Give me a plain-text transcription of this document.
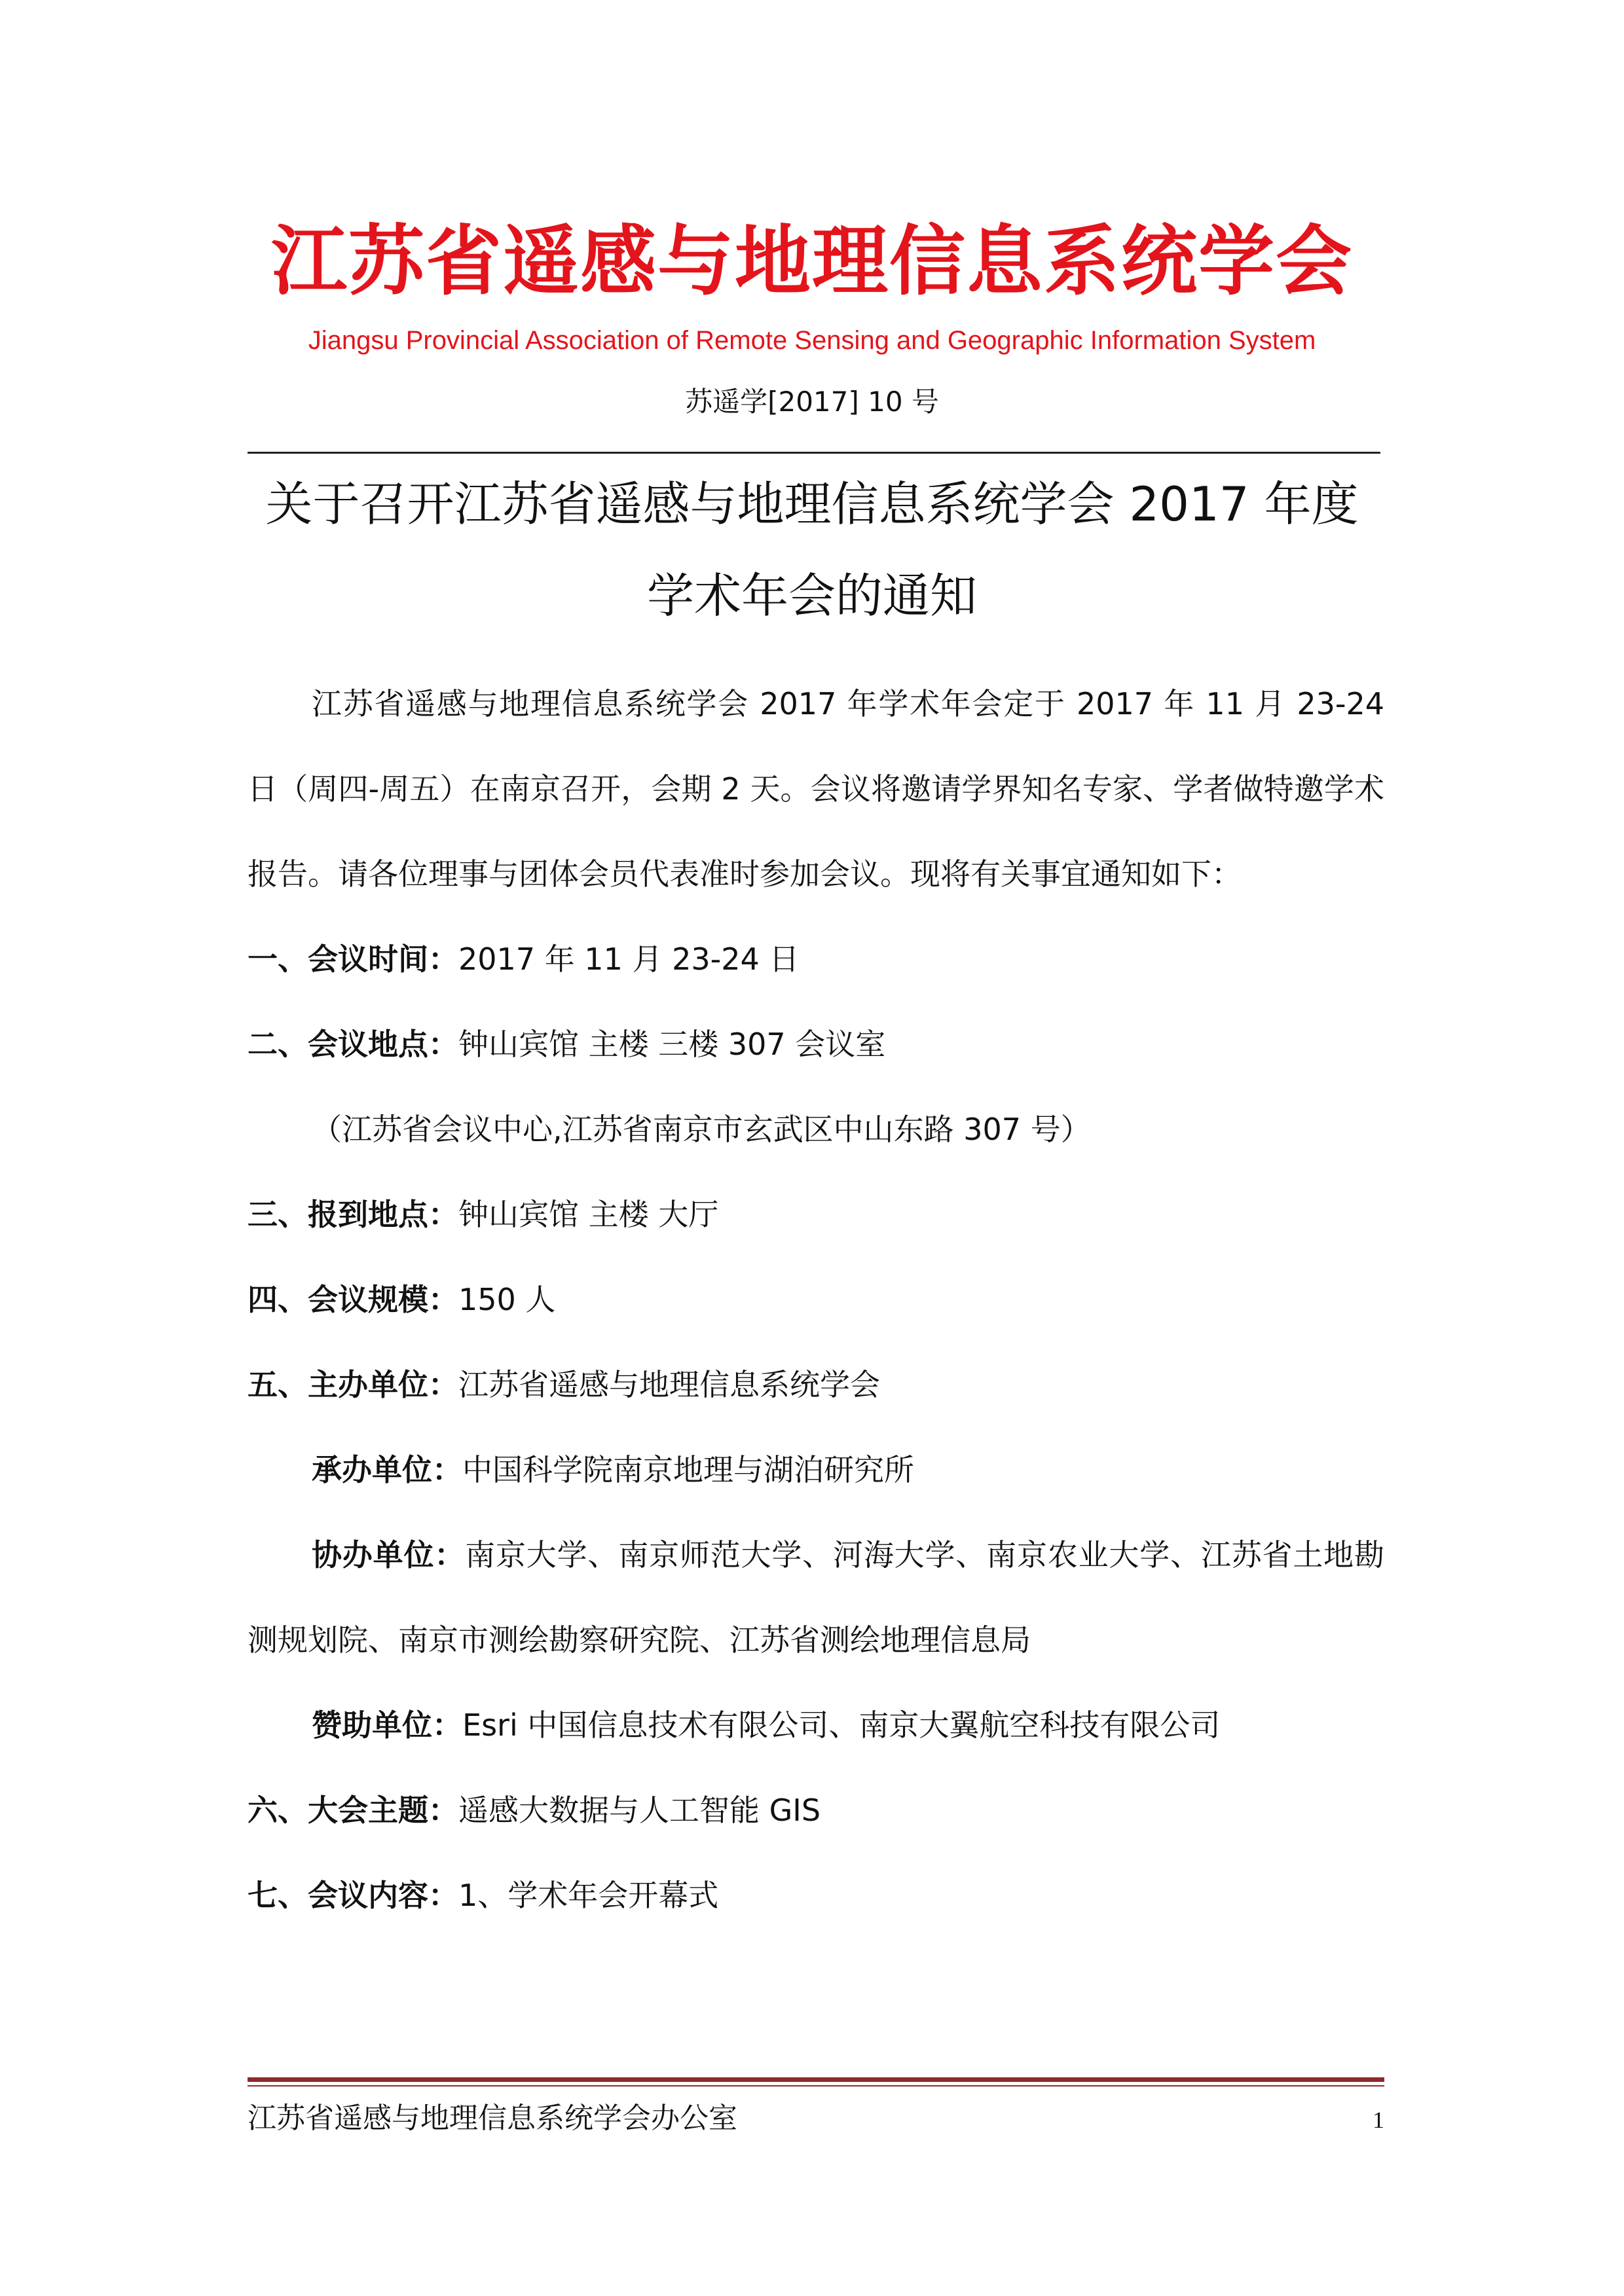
江苏省遥感与地理信息系统学会
Jiangsu Provincial Association of Remote Sensing and Geographic Information System
苏遥学[2017] 10 号
关于召开江苏省遥感与地理信息系统学会 2017 年度
学术年会的通知

江苏省遥感与地理信息系统学会 2017 年学术年会定于 2017 年 11 月 23-24 日（周四-周五）在南京召开，会期 2 天。会议将邀请学界知名专家、学者做特邀学术报告。请各位理事与团体会员代表准时参加会议。现将有关事宜通知如下：

一、会议时间：2017 年 11 月 23-24 日

二、会议地点：钟山宾馆 主楼 三楼 307 会议室

（江苏省会议中心,江苏省南京市玄武区中山东路 307 号）

三、报到地点：钟山宾馆 主楼 大厅

四、会议规模：150 人

五、主办单位：江苏省遥感与地理信息系统学会

承办单位：中国科学院南京地理与湖泊研究所

协办单位：南京大学、南京师范大学、河海大学、南京农业大学、江苏省土地勘测规划院、南京市测绘勘察研究院、江苏省测绘地理信息局

赞助单位：Esri 中国信息技术有限公司、南京大翼航空科技有限公司

六、大会主题：遥感大数据与人工智能 GIS

七、会议内容：1、学术年会开幕式

江苏省遥感与地理信息系统学会办公室	1
